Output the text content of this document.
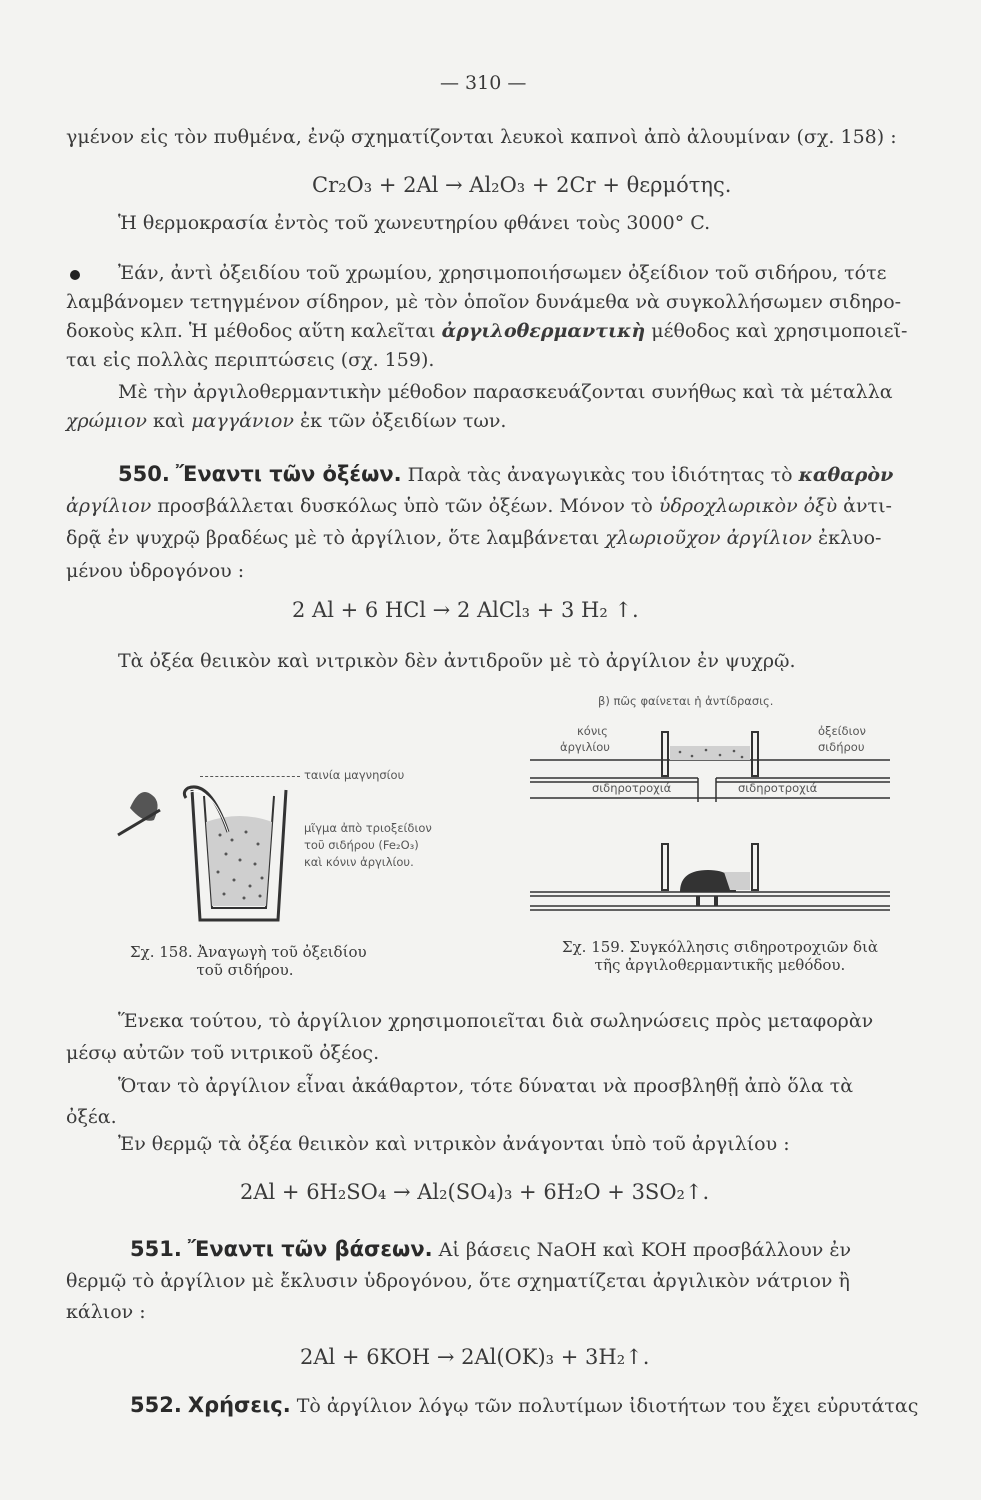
— 310 —
γμένον εἰς τὸν πυθμένα, ἐνῷ σχηματίζονται λευκοὶ καπνοὶ ἀπὸ ἀλουμίναν (σχ. 158) :
Cr₂O₃ + 2Al → Al₂O₃ + 2Cr + θερμότης.
Ἡ θερμοκρασία ἐντὸς τοῦ χωνευτηρίου φθάνει τοὺς 3000° C.
Ἐάν, ἀντὶ ὀξειδίου τοῦ χρωμίου, χρησιμοποιήσωμεν ὀξείδιον τοῦ σιδήρου, τότε
λαμβάνομεν τετηγμένον σίδηρον, μὲ τὸν ὁποῖον δυνάμεθα νὰ συγκολλήσωμεν σιδηρο-
δοκοὺς κλπ. Ἡ μέθοδος αὕτη καλεῖται ἀργιλοθερμαντικὴ μέθοδος καὶ χρησιμοποιεῖ-
ται εἰς πολλὰς περιπτώσεις (σχ. 159).
Μὲ τὴν ἀργιλοθερμαντικὴν μέθοδον παρασκευάζονται συνήθως καὶ τὰ μέταλλα
χρώμιον καὶ μαγγάνιον ἐκ τῶν ὀξειδίων των.
550. Ἔναντι τῶν ὀξέων. Παρὰ τὰς ἀναγωγικὰς του ἰδιότητας τὸ καθαρὸν
ἀργίλιον προσβάλλεται δυσκόλως ὑπὸ τῶν ὀξέων. Μόνον τὸ ὑδροχλωρικὸν ὀξὺ ἀντι-
δρᾷ ἐν ψυχρῷ βραδέως μὲ τὸ ἀργίλιον, ὅτε λαμβάνεται χλωριοῦχον ἀργίλιον ἐκλυο-
μένου ὑδρογόνου :
2 Al + 6 HCl → 2 AlCl₃ + 3 H₂ ↑.
Τὰ ὀξέα θειικὸν καὶ νιτρικὸν δὲν ἀντιδροῦν μὲ τὸ ἀργίλιον ἐν ψυχρῷ.
ταινία μαγνησίου
μῖγμα ἀπὸ τριοξείδιον
τοῦ σιδήρου (Fe₂O₃)
καὶ κόνιν ἀργιλίου.
Σχ. 158. Ἀναγωγὴ τοῦ ὀξειδίου
τοῦ σιδήρου.
β) πῶς φαίνεται ἡ ἀντίδρασις.
κόνις
ἀργιλίου
ὀξείδιον
σιδήρου
σιδηροτροχιά	σιδηροτροχιά
Σχ. 159. Συγκόλλησις σιδηροτροχιῶν διὰ
τῆς ἀργιλοθερμαντικῆς μεθόδου.
Ἕνεκα τούτου, τὸ ἀργίλιον χρησιμοποιεῖται διὰ σωληνώσεις πρὸς μεταφορὰν
μέσῳ αὐτῶν τοῦ νιτρικοῦ ὀξέος.
Ὅταν τὸ ἀργίλιον εἶναι ἀκάθαρτον, τότε δύναται νὰ προσβληθῇ ἀπὸ ὅλα τὰ
ὀξέα.
Ἐν θερμῷ τὰ ὀξέα θειικὸν καὶ νιτρικὸν ἀνάγονται ὑπὸ τοῦ ἀργιλίου :
2Al + 6H₂SO₄ → Al₂(SO₄)₃ + 6H₂O + 3SO₂↑.
551. Ἔναντι τῶν βάσεων. Αἱ βάσεις NaOH καὶ KOH προσβάλλουν ἐν
θερμῷ τὸ ἀργίλιον μὲ ἔκλυσιν ὑδρογόνου, ὅτε σχηματίζεται ἀργιλικὸν νάτριον ἢ
κάλιον :
2Al + 6KOH → 2Al(OK)₃ + 3H₂↑.
552. Χρήσεις. Τὸ ἀργίλιον λόγῳ τῶν πολυτίμων ἰδιοτήτων του ἔχει εὐρυτάτας
